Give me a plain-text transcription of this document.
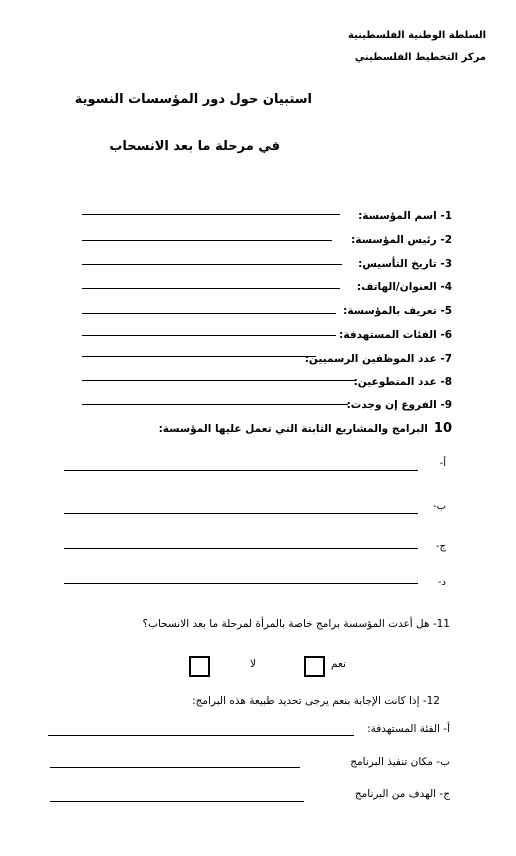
السلطة الوطنية الفلسطينية
مركز التخطيط الفلسطيني
استبيان حول دور المؤسسات النسوية
في مرحلة ما بعد الانسحاب
1- اسم المؤسسة:
2- رئيس المؤسسة:
3- تاريخ التأسيس:
4- العنوان/الهاتف:
5- تعريف بالمؤسسة:
6- الفئات المستهدفة:
7- عدد الموظفين الرسميين:
8- عدد المتطوعين:
9- الفروع إن وجدت:
10البرامج والمشاريع الثابتة التي تعمل عليها المؤسسة:
أ-
ب-
ج-
د-
11- هل أعدت المؤسسة برامج خاصة بالمرأة لمرحلة ما بعد الانسحاب؟
نعم
لا
12- إذا كانت الإجابة بنعم يرجى تحديد طبيعة هذه البرامج:
أ- الفئة المستهدفة:
ب- مكان تنفيذ البرنامج
ج- الهدف من البرنامج
